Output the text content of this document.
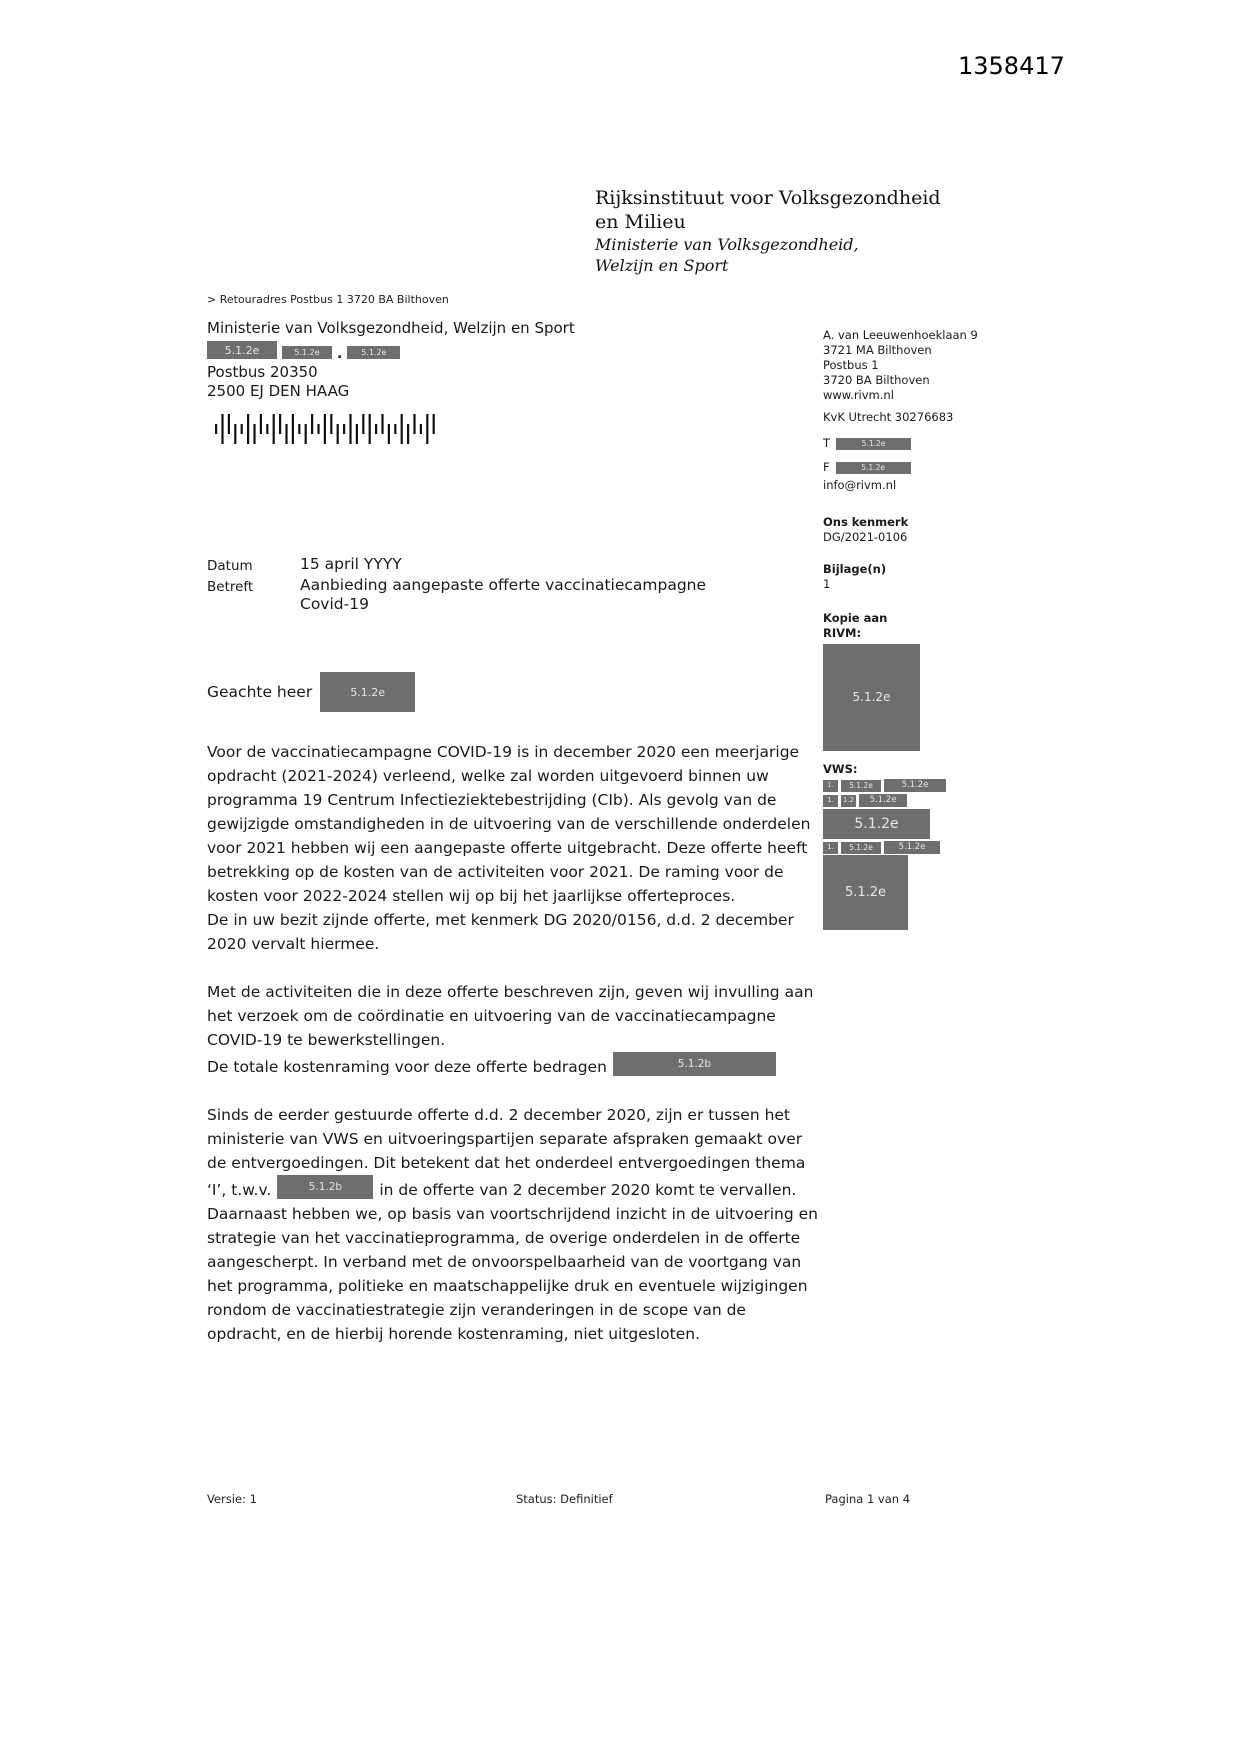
1358417
Rijksinstituut voor Volksgezondheid
en Milieu
Ministerie van Volksgezondheid,
Welzijn en Sport
> Retouradres Postbus 1 3720 BA Bilthoven
Ministerie van Volksgezondheid, Welzijn en Sport
5.1.2e	5.1.2e	.	5.1.2e
Postbus 20350
2500 EJ DEN HAAG
Datum	15 april YYYY
Betreft	Aanbieding aangepaste offerte vaccinatiecampagne
Covid-19
Geachte heer	5.1.2e
Voor de vaccinatiecampagne COVID-19 is in december 2020 een meerjarige opdracht (2021-2024) verleend, welke zal worden uitgevoerd binnen uw programma 19 Centrum Infectieziektebestrijding (CIb). Als gevolg van de gewijzigde omstandigheden in de uitvoering van de verschillende onderdelen voor 2021 hebben wij een aangepaste offerte uitgebracht. Deze offerte heeft betrekking op de kosten van de activiteiten voor 2021. De raming voor de kosten voor 2022-2024 stellen wij op bij het jaarlijkse offerteproces.
De in uw bezit zijnde offerte, met kenmerk DG 2020/0156, d.d. 2 december 2020 vervalt hiermee.
Met de activiteiten die in deze offerte beschreven zijn, geven wij invulling aan het verzoek om de coördinatie en uitvoering van de vaccinatiecampagne COVID-19 te bewerkstellingen.
De totale kostenraming voor deze offerte bedragen	5.1.2b
Sinds de eerder gestuurde offerte d.d. 2 december 2020, zijn er tussen het ministerie van VWS en uitvoeringspartijen separate afspraken gemaakt over de entvergoedingen. Dit betekent dat het onderdeel entvergoedingen thema ‘I’, t.w.v.	5.1.2b in de offerte van 2 december 2020 komt te vervallen. Daarnaast hebben we, op basis van voortschrijdend inzicht in de uitvoering en strategie van het vaccinatieprogramma, de overige onderdelen in de offerte aangescherpt. In verband met de onvoorspelbaarheid van de voortgang van het programma, politieke en maatschappelijke druk en eventuele wijzigingen rondom de vaccinatiestrategie zijn veranderingen in de scope van de opdracht, en de hierbij horende kostenraming, niet uitgesloten.
A. van Leeuwenhoeklaan 9
3721 MA Bilthoven
Postbus 1
3720 BA Bilthoven
www.rivm.nl
KvK Utrecht 30276683
T	5.1.2e
F	5.1.2e
info@rivm.nl
Ons kenmerk
DG/2021-0106
Bijlage(n)
1
Kopie aan
RIVM:
5.1.2e
VWS:
1.	5.1.2e	5.1.2e
1.	1.2	5.1.2e
5.1.2e
1.	5.1.2e	5.1.2e
5.1.2e
Versie: 1	Status: Definitief	Pagina 1 van 4
